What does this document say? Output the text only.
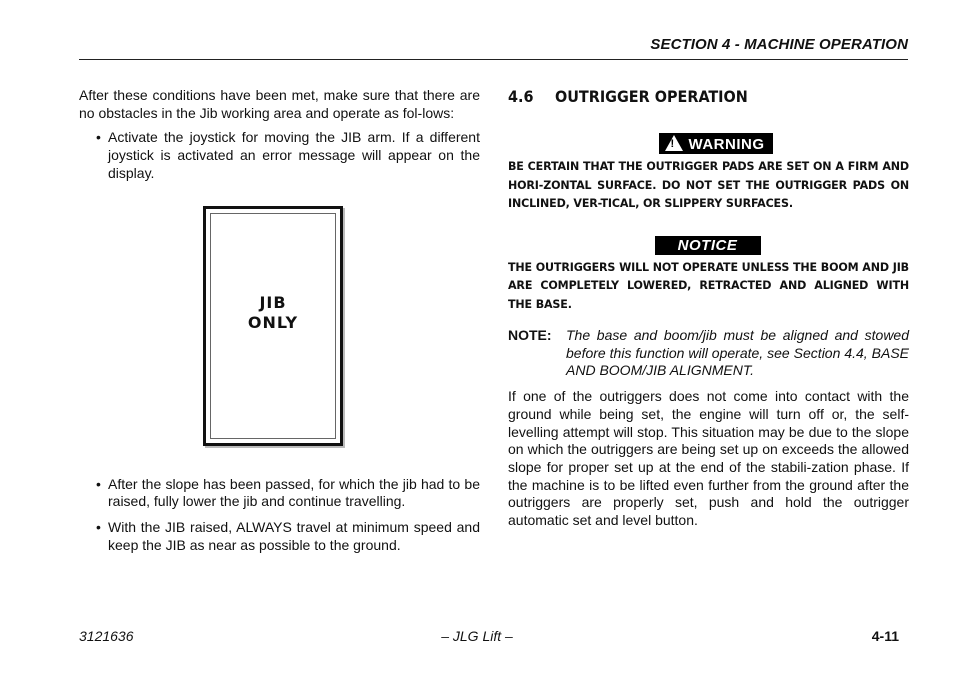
SECTION 4 - MACHINE OPERATION

After these conditions have been met, make sure that there are no obstacles in the Jib working area and operate as fol-lows:

• Activate the joystick for moving the JIB arm. If a different joystick is activated an error message will appear on the display.
JIB
ONLY
• After the slope has been passed, for which the jib had to be raised, fully lower the jib and continue travelling.
• With the JIB raised, ALWAYS travel at minimum speed and keep the JIB as near as possible to the ground.
4.6 OUTRIGGER OPERATION
! WARNING

BE CERTAIN THAT THE OUTRIGGER PADS ARE SET ON A FIRM AND HORI-ZONTAL SURFACE. DO NOT SET THE OUTRIGGER PADS ON INCLINED, VER-TICAL, OR SLIPPERY SURFACES.

NOTICE

THE OUTRIGGERS WILL NOT OPERATE UNLESS THE BOOM AND JIB ARE COMPLETELY LOWERED, RETRACTED AND ALIGNED WITH THE BASE.

NOTE: The base and boom/jib must be aligned and stowed before this function will operate, see Section 4.4, BASE AND BOOM/JIB ALIGNMENT.

If one of the outriggers does not come into contact with the ground while being set, the engine will turn off or, the self-levelling attempt will stop. This situation may be due to the slope on which the outriggers are being set up on exceeds the allowed slope for proper set up at the end of the stabili-zation phase. If the machine is to be lifted even further from the ground after the outriggers are properly set, push and hold the outrigger automatic set and level button.

3121636	– JLG Lift –	4-11
